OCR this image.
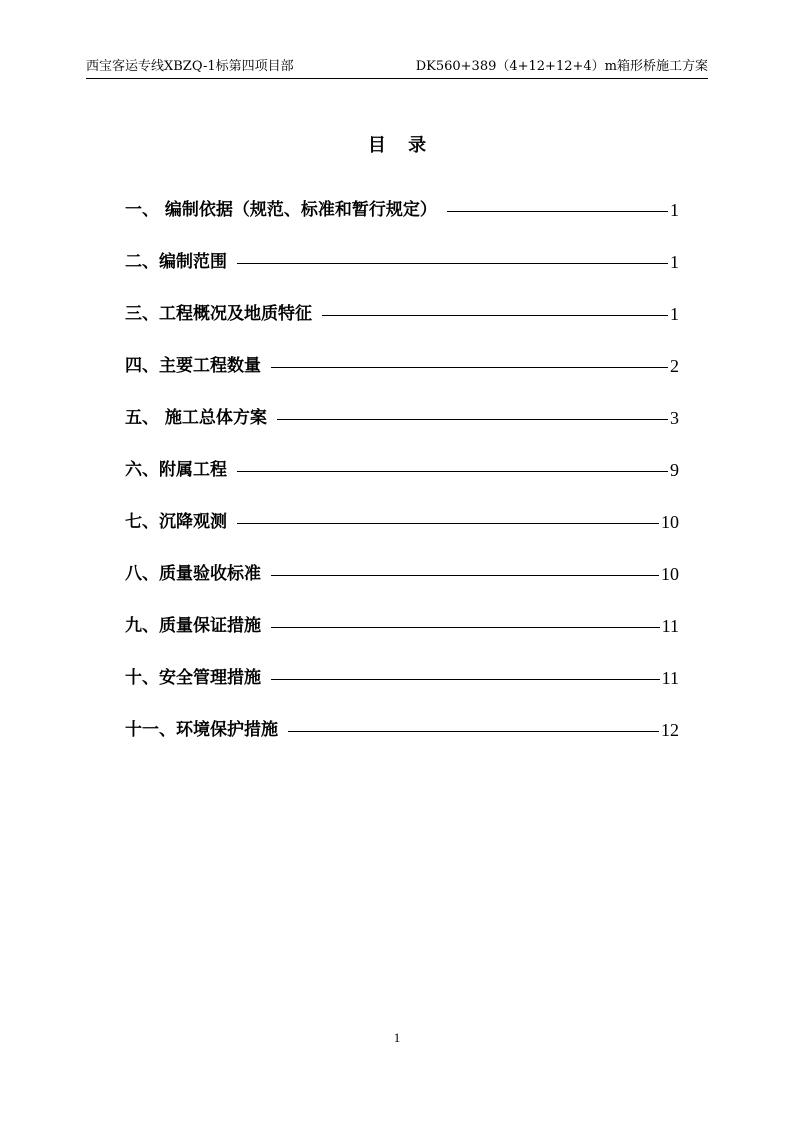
西宝客运专线XBZQ-1标第四项目部	DK560+389（4+12+12+4）m箱形桥施工方案
目 录
一、 编制依据（规范、标准和暂行规定）	1
二、编制范围	1
三、工程概况及地质特征	1
四、主要工程数量	2
五、 施工总体方案	3
六、附属工程	9
七、沉降观测	10
八、质量验收标准	10
九、质量保证措施	11
十、安全管理措施	11
十一、环境保护措施	12
1
